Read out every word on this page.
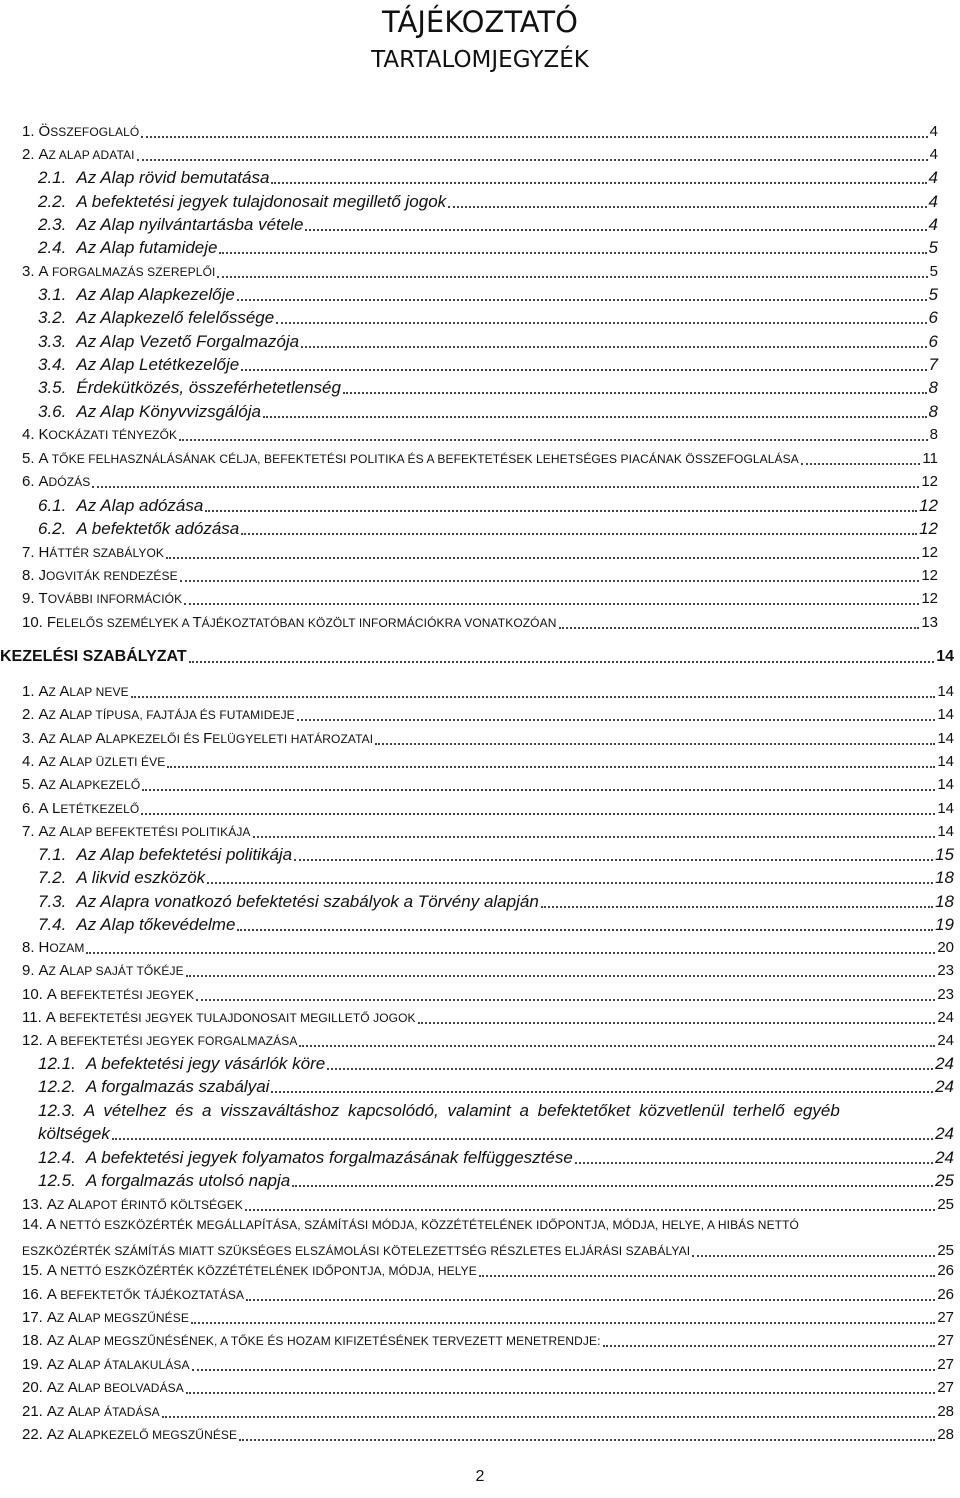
TÁJÉKOZTATÓ
TARTALOMJEGYZÉK
1. ÖSSZEFOGLALÓ	4
2. AZ ALAP ADATAI	4
2.1. Az Alap rövid bemutatása	4
2.2. A befektetési jegyek tulajdonosait megillető jogok	4
2.3. Az Alap nyilvántartásba vétele	4
2.4. Az Alap futamideje	5
3. A FORGALMAZÁS SZEREPLŐI	5
3.1. Az Alap Alapkezelője	5
3.2. Az Alapkezelő felelőssége	6
3.3. Az Alap Vezető Forgalmazója	6
3.4. Az Alap Letétkezelője	7
3.5. Érdekütközés, összeférhetetlenség	8
3.6. Az Alap Könyvvizsgálója	8
4. KOCKÁZATI TÉNYEZŐK	8
5. A TŐKE FELHASZNÁLÁSÁNAK CÉLJA, BEFEKTETÉSI POLITIKA ÉS A BEFEKTETÉSEK LEHETSÉGES PIACÁNAK ÖSSZEFOGLALÁSA	11
6. ADÓZÁS	12
6.1. Az Alap adózása	12
6.2. A befektetők adózása	12
7. HÁTTÉR SZABÁLYOK	12
8. JOGVITÁK RENDEZÉSE	12
9. TOVÁBBI INFORMÁCIÓK	12
10. FELELŐS SZEMÉLYEK A TÁJÉKOZTATÓBAN KÖZÖLT INFORMÁCIÓKRA VONATKOZÓAN	13
KEZELÉSI SZABÁLYZAT	14
1. AZ ALAP NEVE	14
2. AZ ALAP TÍPUSA, FAJTÁJA ÉS FUTAMIDEJE	14
3. AZ ALAP ALAPKEZELŐI ÉS FELÜGYELETI HATÁROZATAI	14
4. AZ ALAP ÜZLETI ÉVE	14
5. AZ ALAPKEZELŐ	14
6. A LETÉTKEZELŐ	14
7. AZ ALAP BEFEKTETÉSI POLITIKÁJA	14
7.1. Az Alap befektetési politikája	15
7.2. A likvid eszközök	18
7.3. Az Alapra vonatkozó befektetési szabályok a Törvény alapján	18
7.4. Az Alap tőkevédelme	19
8. HOZAM	20
9. AZ ALAP SAJÁT TŐKÉJE	23
10. A BEFEKTETÉSI JEGYEK	23
11. A BEFEKTETÉSI JEGYEK TULAJDONOSAIT MEGILLETŐ JOGOK	24
12. A BEFEKTETÉSI JEGYEK FORGALMAZÁSA	24
12.1. A befektetési jegy vásárlók köre	24
12.2. A forgalmazás szabályai	24
12.3. A vételhez és a visszaváltáshoz kapcsolódó, valamint a befektetőket közvetlenül terhelő egyéb
költségek	24
12.4. A befektetési jegyek folyamatos forgalmazásának felfüggesztése	24
12.5. A forgalmazás utolsó napja	25
13. AZ ALAPOT ÉRINTŐ KÖLTSÉGEK	25
14. A NETTÓ ESZKÖZÉRTÉK MEGÁLLAPÍTÁSA, SZÁMÍTÁSI MÓDJA, KÖZZÉTÉTELÉNEK IDŐPONTJA, MÓDJA, HELYE, A HIBÁS NETTÓ
ESZKÖZÉRTÉK SZÁMÍTÁS MIATT SZÜKSÉGES ELSZÁMOLÁSI KÖTELEZETTSÉG RÉSZLETES ELJÁRÁSI SZABÁLYAI	25
15. A NETTÓ ESZKÖZÉRTÉK KÖZZÉTÉTELÉNEK IDŐPONTJA, MÓDJA, HELYE	26
16. A BEFEKTETŐK TÁJÉKOZTATÁSA	26
17. AZ ALAP MEGSZŰNÉSE	27
18. AZ ALAP MEGSZŰNÉSÉNEK, A TŐKE ÉS HOZAM KIFIZETÉSÉNEK TERVEZETT MENETRENDJE:	27
19. AZ ALAP ÁTALAKULÁSA	27
20. AZ ALAP BEOLVADÁSA	27
21. AZ ALAP ÁTADÁSA	28
22. AZ ALAPKEZELŐ MEGSZŰNÉSE	28
2
